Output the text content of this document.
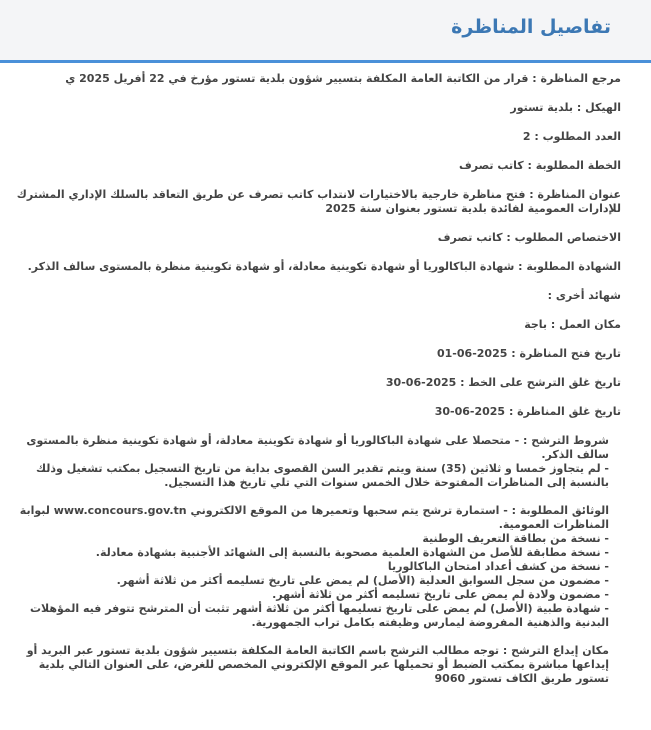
تفاصيل المناظرة
مرجع المناظرة : قرار من الكاتبة العامة المكلفة بتسيير شؤون بلدية تستور مؤرخ في 22 أفريل 2025 ي
الهيكل : بلدية تستور
العدد المطلوب : 2
الخطة المطلوبة : كاتب تصرف
عنوان المناظرة : فتح مناظرة خارجية بالاختيارات لانتداب كاتب تصرف عن طريق التعاقد بالسلك الإداري المشترك للإدارات العمومية لفائدة بلدية تستور بعنوان سنة 2025
الاختصاص المطلوب : كاتب تصرف
الشهادة المطلوبة : شهادة الباكالوريا أو شهادة تكوينية معادلة، أو شهادة تكوينية منظرة بالمستوى سالف الذكر.
شهائد أخرى :
مكان العمل : باجة
تاريخ فتح المناظرة : 2025-06-01
تاريخ غلق الترشح على الخط : 2025-06-30
تاريخ غلق المناظرة : 2025-06-30
شروط الترشح : - متحصلا على شهادة الباكالوريا أو شهادة تكوينية معادلة، أو شهادة تكوينية منظرة بالمستوى سالف الذكر.
- لم يتجاوز خمسا و ثلاثين (35) سنة ويتم تقدير السن القصوى بداية من تاريخ التسجيل بمكتب تشغيل وذلك بالنسبة إلى المناظرات المفتوحة خلال الخمس سنوات التي تلي تاريخ هذا التسجيل.
الوثائق المطلوبة : - استمارة ترشح يتم سحبها وتعميرها من الموقع الالكتروني www.concours.gov.tn لبوابة المناظرات العمومية.
- نسخة من بطاقة التعريف الوطنية
- نسخة مطابقة للأصل من الشهادة العلمية مصحوبة بالنسبة إلى الشهائد الأجنبية بشهادة معادلة.
- نسخة من كشف أعداد امتحان الباكالوريا
- مضمون من سجل السوابق العدلية (الأصل) لم يمض على تاريخ تسليمه أكثر من ثلاثة أشهر.
- مضمون ولادة لم يمض على تاريخ تسليمه أكثر من ثلاثة أشهر.
- شهادة طبية (الأصل) لم يمض على تاريخ تسليمها أكثر من ثلاثة أشهر تثبت أن المترشح تتوفر فيه المؤهلات البدنية والذهنية المفروضة ليمارس وظيفته بكامل تراب الجمهورية.

مكان إيداع الترشح : توجه مطالب الترشح باسم الكاتبة العامة المكلفة بتسيير شؤون بلدية تستور عبر البريد أو إيداعها مباشرة بمكتب الضبط أو تحميلها عبر الموقع الإلكتروني المخصص للغرض، على العنوان التالي بلدية تستور طريق الكاف تستور 9060
